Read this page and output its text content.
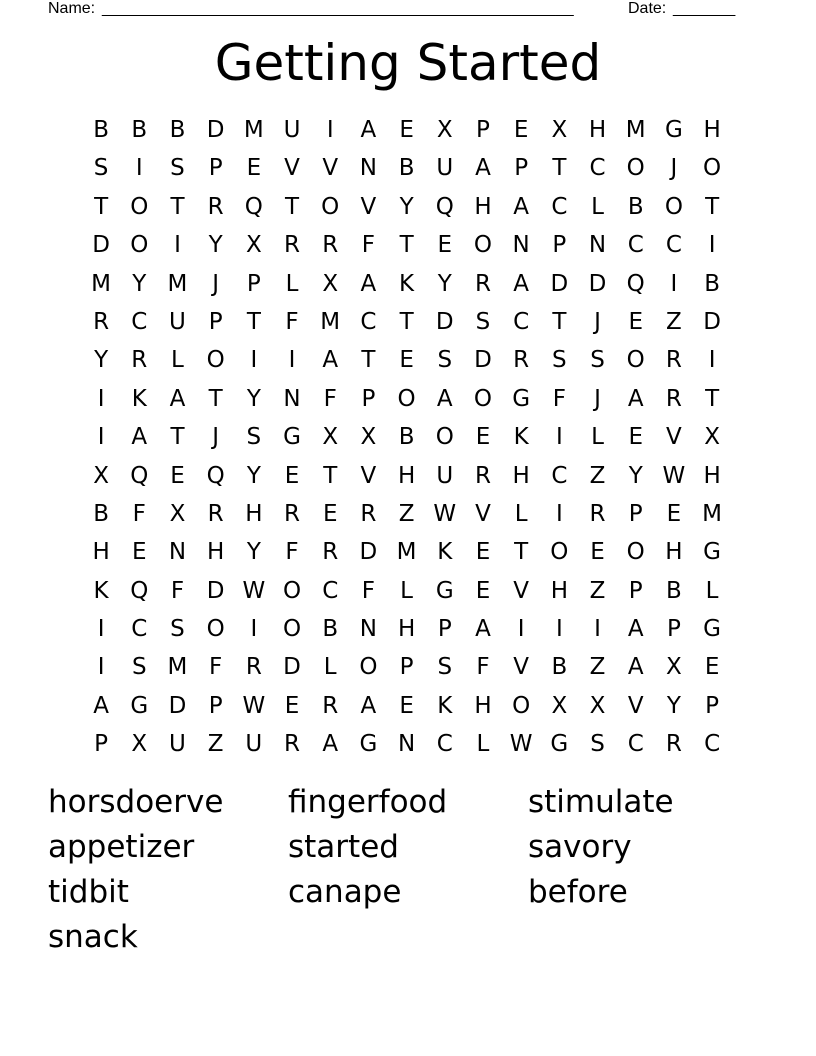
Name: _____________________________________________________	Date: _______
Getting Started
B B B D M U	I	A	E	X	P	E	X H M G H
S	I	S	P	E	V V N B U A	P	T	C O	J	O
T O T	R Q T O V	Y Q H A C	L	B O T
D O	I	Y	X R R	F	T	E O N P N C C	I
M Y M	J	P	L	X A K	Y	R A D D Q	I	B
R C U P	T	F M C	T D S C	T	J	E	Z D
Y	R	L O	I	I	A	T	E	S D R S	S O R	I
I	K A	T	Y N F	P O A O G F	J	A R	T
I	A	T	J	S G X X B O E	K	I	L	E	V X
X Q E Q Y	E	T	V H U R H C Z	Y W H
B	F	X R H R E R Z W V	L	I	R	P	E M
H E N H Y	F	R D M K	E	T O E O H G
K Q F D W O C	F	L G E	V H Z	P	B	L
I	C S O	I	O B N H P	A	I	I	I	A	P G
I	S M F	R D L O P	S	F	V B Z A X	E
A G D P W E R A	E	K H O X X V	Y	P
P	X U Z U R A G N C	L W G S C R C
horsdoerve	fingerfood	stimulate
appetizer	started	savory
tidbit	canape	before
snack
